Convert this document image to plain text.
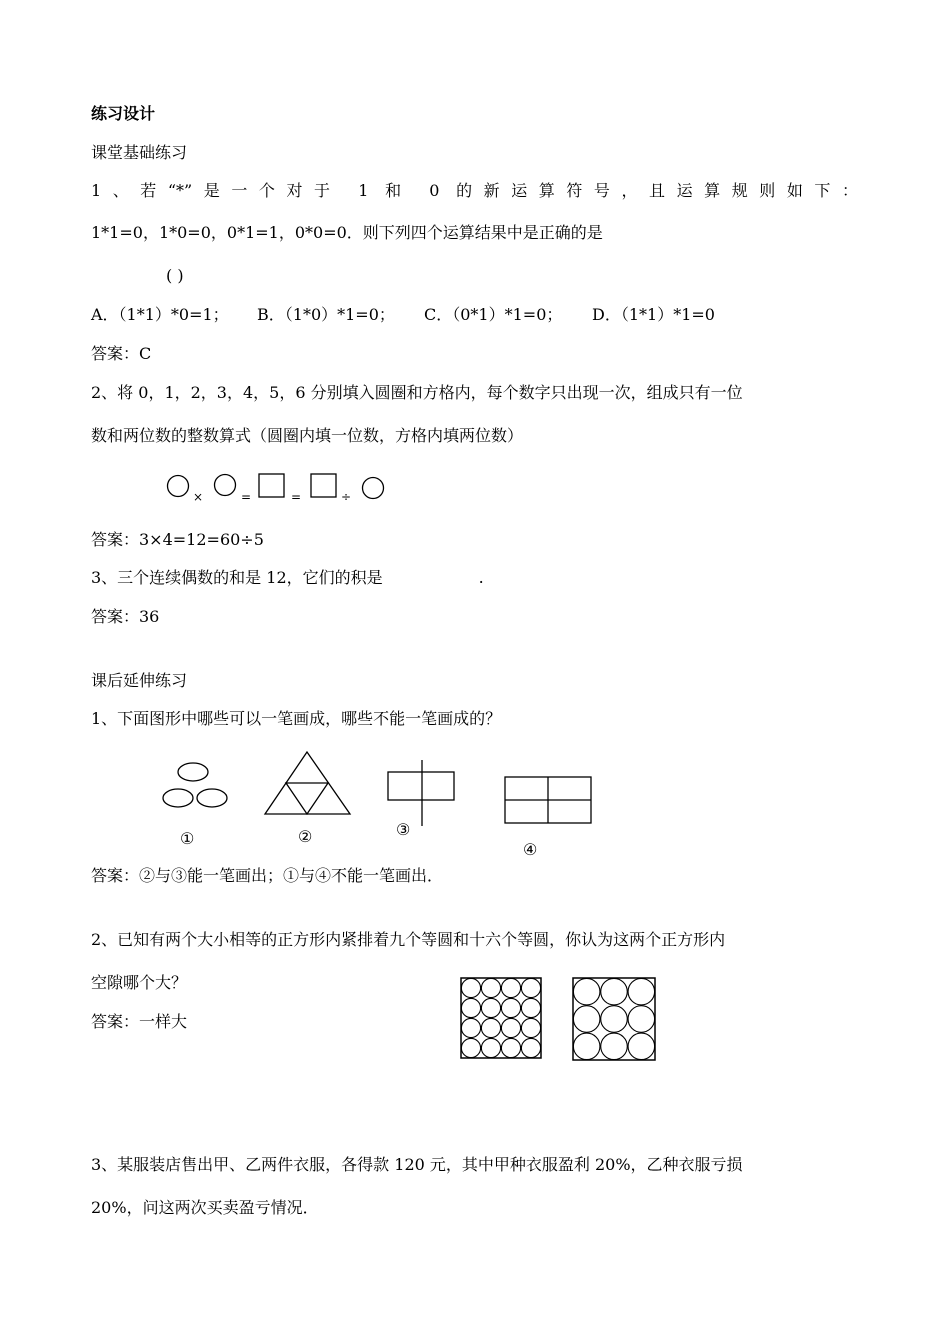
练习设计

课堂基础练习

1、若“*”是一个对于 1 和 0 的新运算符号，且运算规则如下：

1*1=0，1*0=0，0*1=1，0*0=0．则下列四个运算结果中是正确的是

( )

A．（1*1）*0=1； B．（1*0）*1=0； C．（0*1）*1=0； D．（1*1）*1=0

答案：C

2、将 0，1，2，3，4，5，6 分别填入圆圈和方格内，每个数字只出现一次，组成只有一位

数和两位数的整数算式（圆圈内填一位数，方格内填两位数）

×	=	=	÷

答案：3×4=12=60÷5

3、三个连续偶数的和是 12，它们的积是	.

答案：36

课后延伸练习

1、下面图形中哪些可以一笔画成，哪些不能一笔画成的？

①	②	③

④

答案：②与③能一笔画出；①与④不能一笔画出．

2、已知有两个大小相等的正方形内紧排着九个等圆和十六个等圆，你认为这两个正方形内

空隙哪个大？

答案：一样大

3、某服装店售出甲、乙两件衣服，各得款 120 元，其中甲种衣服盈利 20%，乙种衣服亏损

20%，问这两次买卖盈亏情况．
